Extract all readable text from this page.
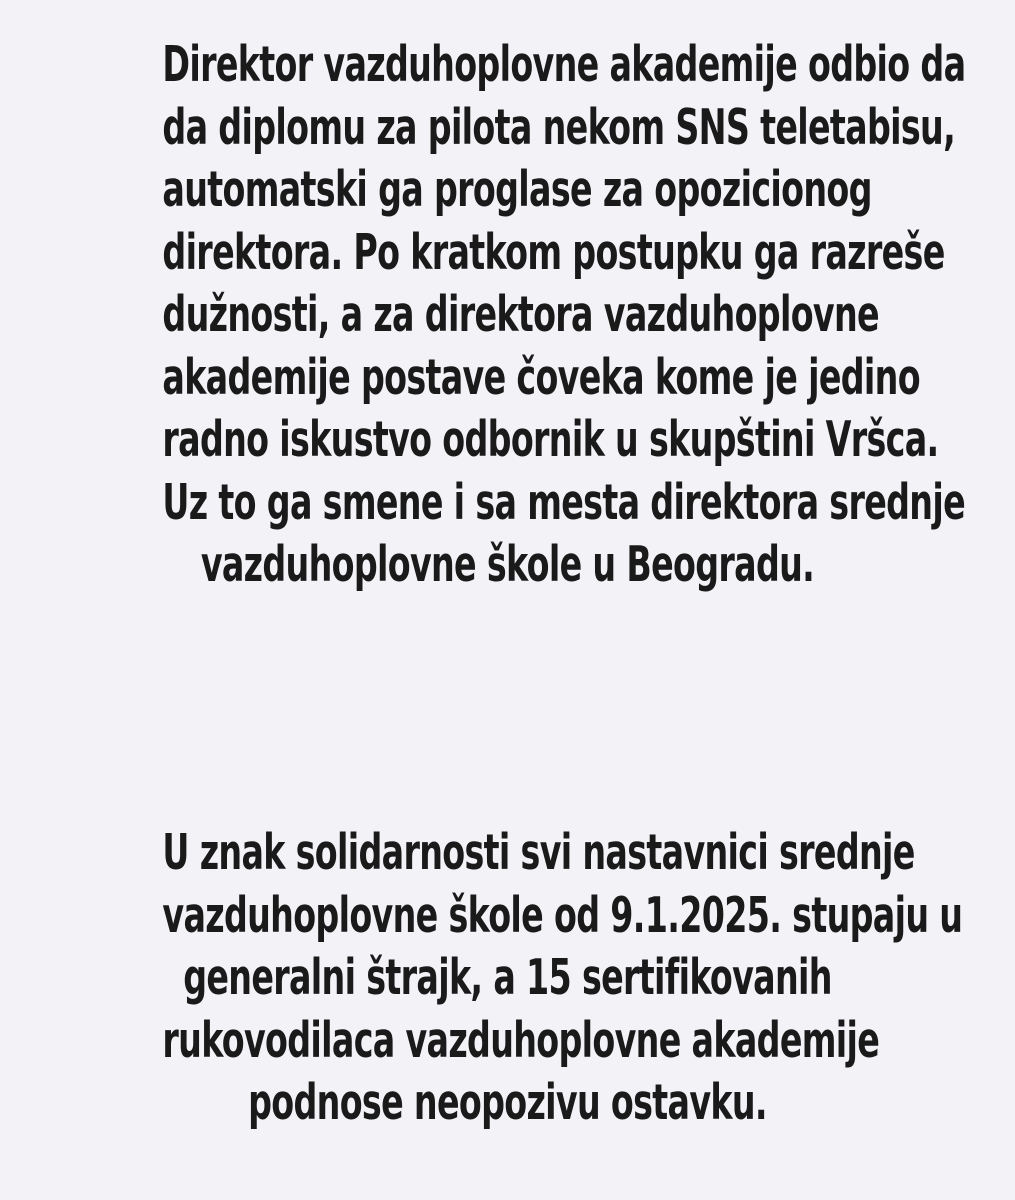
Direktor vazduhoplovne akademije odbio da
da diplomu za pilota nekom SNS teletabisu,
automatski ga proglase za opozicionog
direktora. Po kratkom postupku ga razreše
dužnosti, a za direktora vazduhoplovne
akademije postave čoveka kome je jedino
radno iskustvo odbornik u skupštini Vršca.
Uz to ga smene i sa mesta direktora srednje
vazduhoplovne škole u Beogradu.

U znak solidarnosti svi nastavnici srednje
vazduhoplovne škole od 9.1.2025. stupaju u
generalni štrajk, a 15 sertifikovanih
rukovodilaca vazduhoplovne akademije
podnose neopozivu ostavku.
